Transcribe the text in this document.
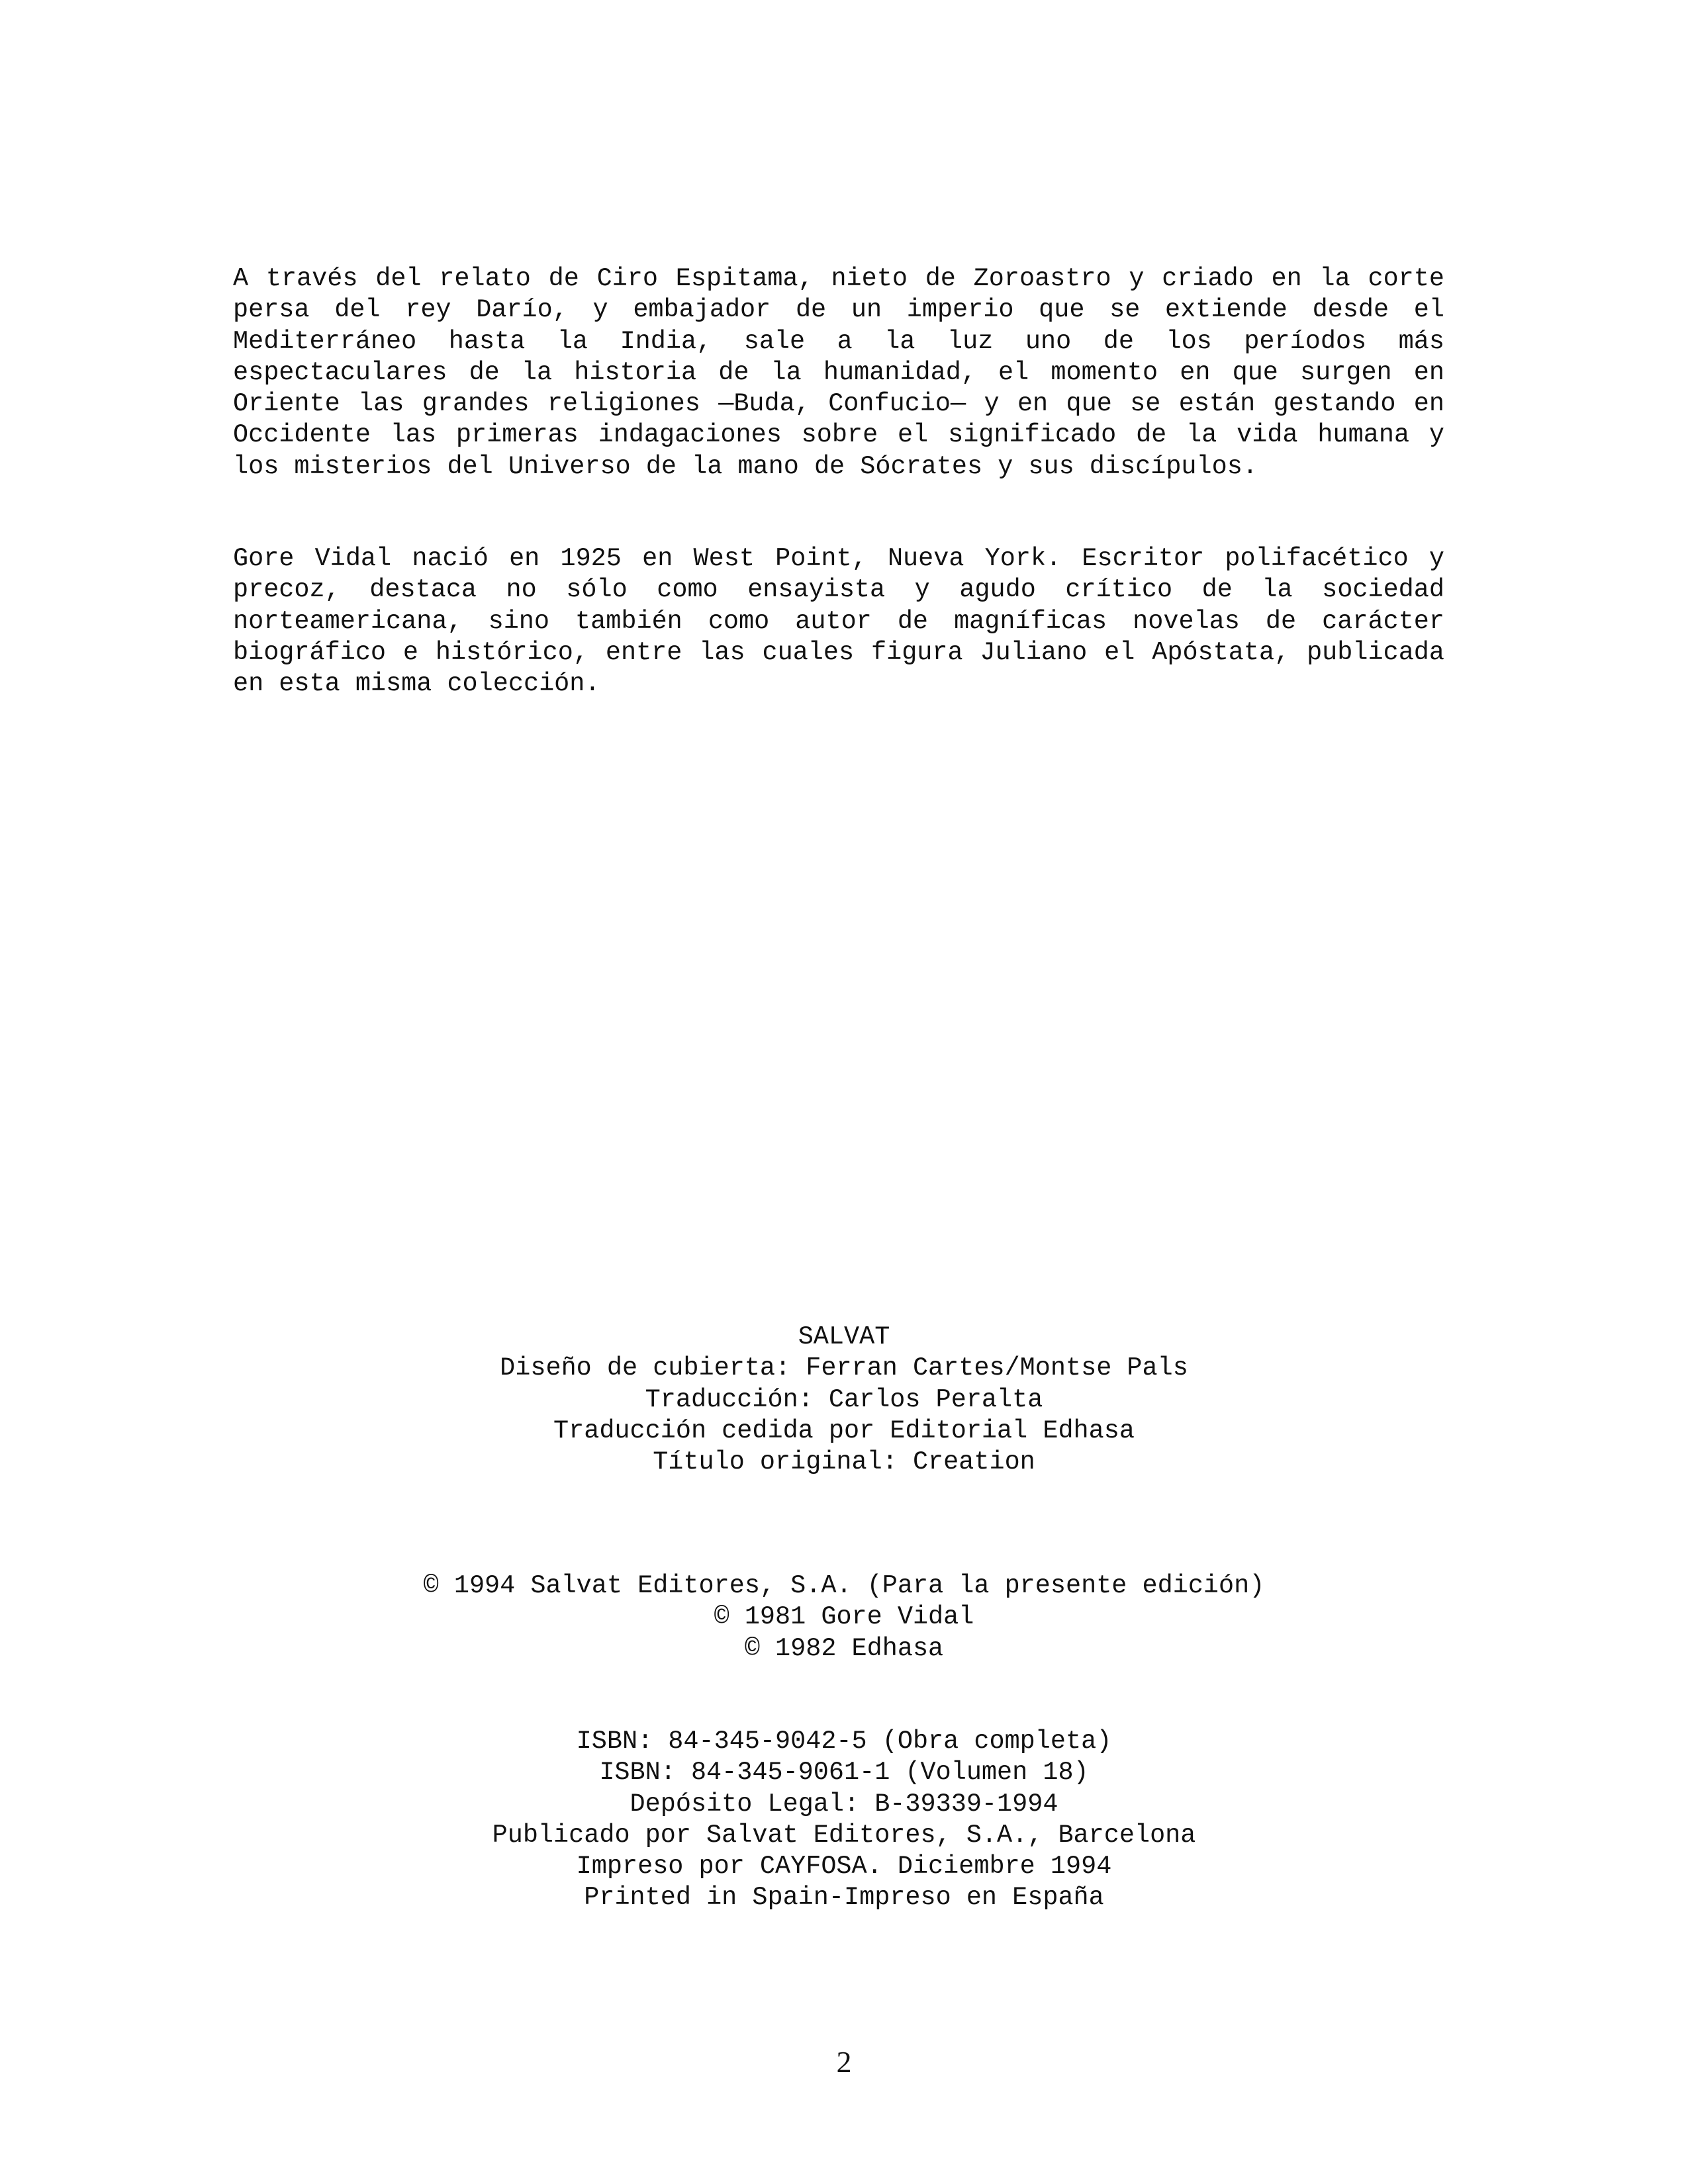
A través del relato de Ciro Espitama, nieto de Zoroastro y criado en la corte persa del rey Darío, y embajador de un imperio que se extiende desde el Mediterráneo hasta la India, sale a la luz uno de los períodos más espectaculares de la historia de la humanidad, el momento en que surgen en Oriente las grandes religiones —Buda, Confucio— y en que se están gestando en Occidente las primeras indagaciones sobre el significado de la vida humana y los misterios del Universo de la mano de Sócrates y sus discípulos.

Gore Vidal nació en 1925 en West Point, Nueva York. Escritor polifacético y precoz, destaca no sólo como ensayista y agudo crítico de la sociedad norteamericana, sino también como autor de magníficas novelas de carácter biográfico e histórico, entre las cuales figura Juliano el Apóstata, publicada en esta misma colección.

SALVAT
Diseño de cubierta: Ferran Cartes/Montse Pals
Traducción: Carlos Peralta
Traducción cedida por Editorial Edhasa
Título original: Creation
© 1994 Salvat Editores, S.A. (Para la presente edición)
© 1981 Gore Vidal
© 1982 Edhasa
ISBN: 84-345-9042-5 (Obra completa)
ISBN: 84-345-9061-1 (Volumen 18)
Depósito Legal: B-39339-1994
Publicado por Salvat Editores, S.A., Barcelona
Impreso por CAYFOSA. Diciembre 1994
Printed in Spain-Impreso en España
2
